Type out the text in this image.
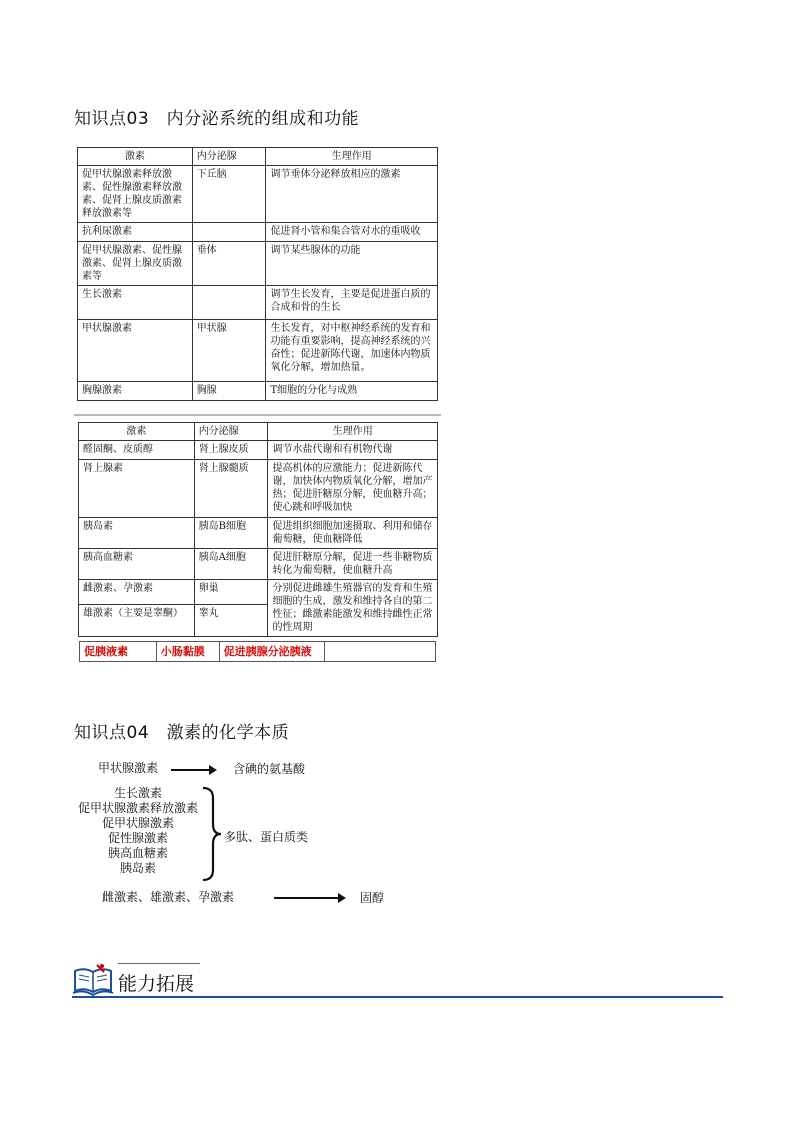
知识点03　内分泌系统的组成和功能
激素	内分泌腺	生理作用
促甲状腺激素释放激素、促性腺激素释放激素、促肾上腺皮质激素释放激素等	下丘脑	调节垂体分泌释放相应的激素
抗利尿激素		促进肾小管和集合管对水的重吸收
促甲状腺激素、促性腺激素、促肾上腺皮质激素等	垂体	调节某些腺体的功能
生长激素		调节生长发育，主要是促进蛋白质的合成和骨的生长
甲状腺激素	甲状腺	生长发育，对中枢神经系统的发育和功能有重要影响，提高神经系统的兴奋性；促进新陈代谢，加速体内物质氧化分解，增加热量。
胸腺激素	胸腺	T细胞的分化与成熟
激素	内分泌腺	生理作用
醛固酮、皮质醇	肾上腺皮质	调节水盐代谢和有机物代谢
肾上腺素	肾上腺髓质	提高机体的应激能力；促进新陈代谢，加快体内物质氧化分解，增加产热；促进肝糖原分解，使血糖升高；使心跳和呼吸加快
胰岛素	胰岛B细胞	促进组织细胞加速摄取、利用和储存葡萄糖，使血糖降低
胰高血糖素	胰岛A细胞	促进肝糖原分解，促进一些非糖物质转化为葡萄糖，使血糖升高
雌激素、孕激素	卵巢	分别促进雌雄生殖器官的发育和生殖细胞的生成，激发和维持各自的第二性征；雌激素能激发和维持雌性正常的性周期
雄激素（主要是睾酮）	睾丸	
促胰液素	小肠黏膜	促进胰腺分泌胰液	
知识点04　激素的化学本质
甲状腺激素	含碘的氨基酸
生长激素
促甲状腺激素释放激素
促甲状腺激素
促性腺激素
胰高血糖素
胰岛素
多肽、蛋白质类
雌激素、雄激素、孕激素	固醇
能力拓展
